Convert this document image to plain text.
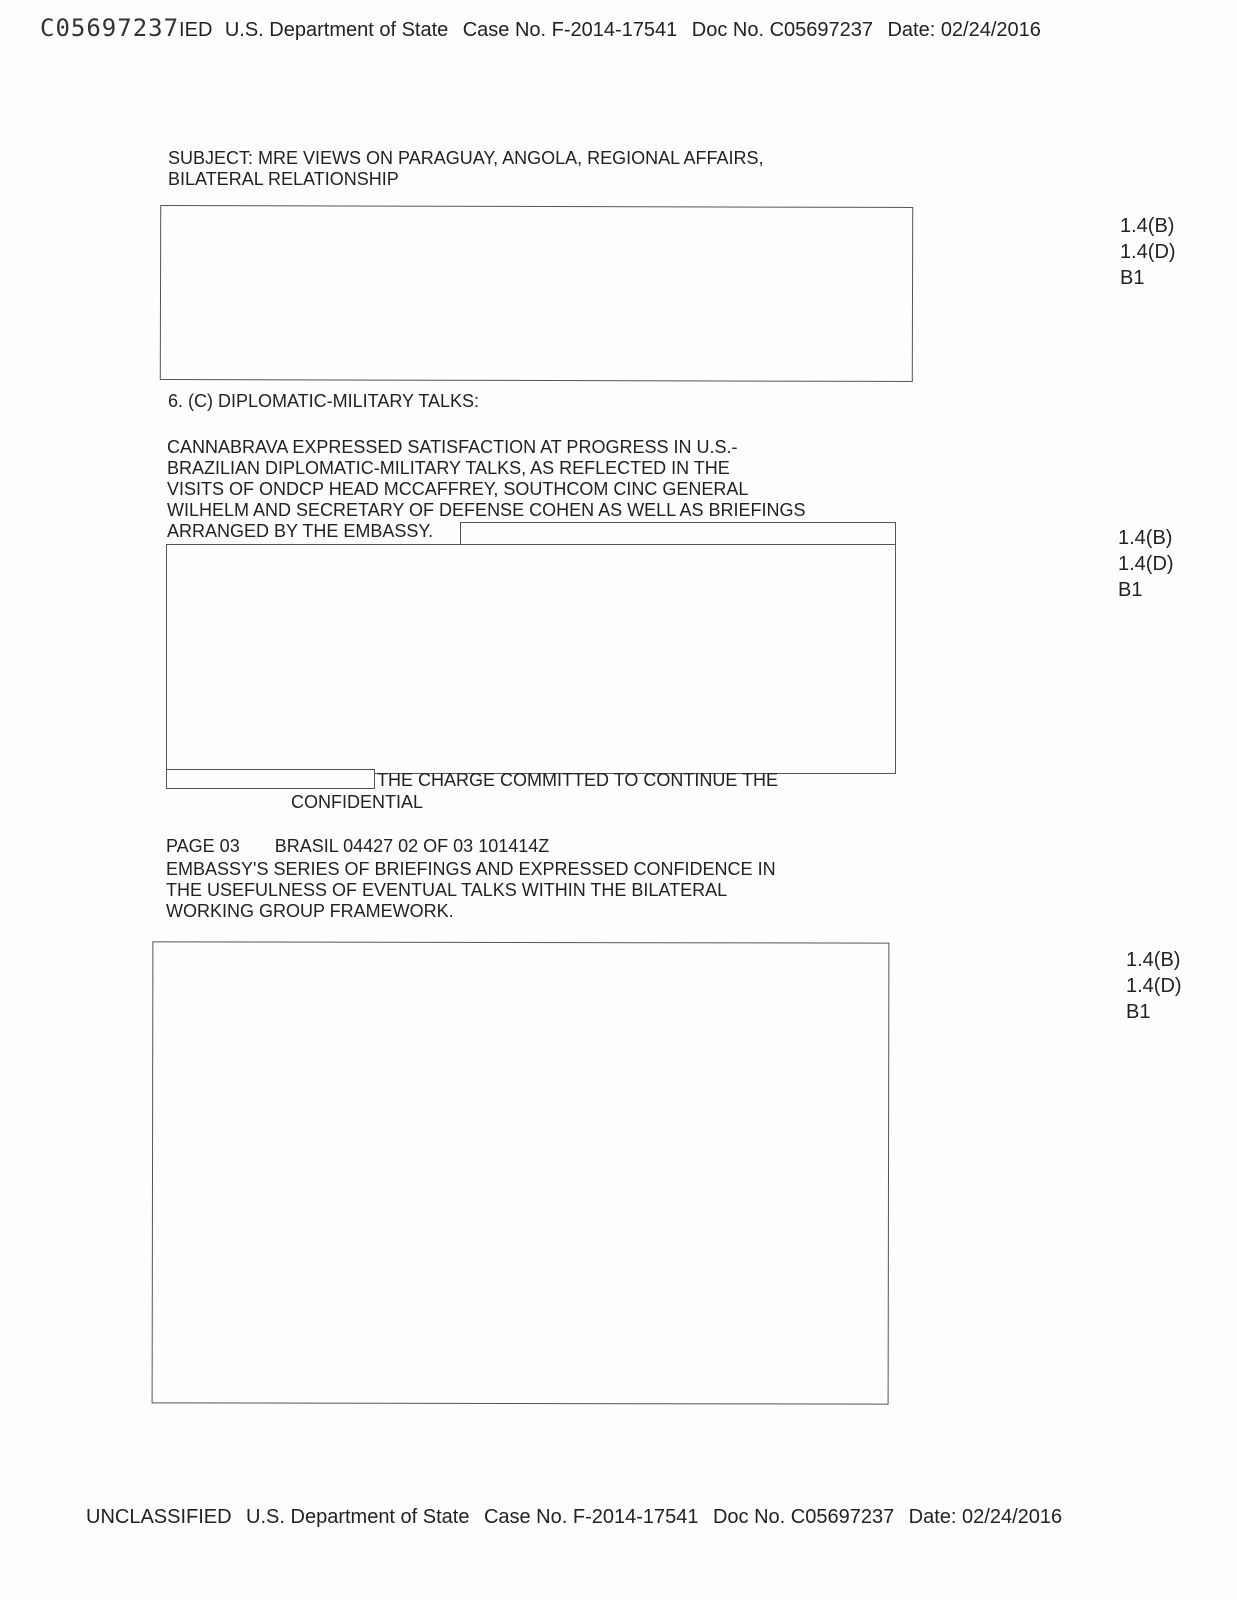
C05697237IED U.S. Department of State Case No. F-2014-17541 Doc No. C05697237 Date: 02/24/2016
SUBJECT: MRE VIEWS ON PARAGUAY, ANGOLA, REGIONAL AFFAIRS,
BILATERAL RELATIONSHIP
1.4(B)
1.4(D)
B1
6. (C) DIPLOMATIC-MILITARY TALKS:
CANNABRAVA EXPRESSED SATISFACTION AT PROGRESS IN U.S.-
BRAZILIAN DIPLOMATIC-MILITARY TALKS, AS REFLECTED IN THE
VISITS OF ONDCP HEAD MCCAFFREY, SOUTHCOM CINC GENERAL
WILHELM AND SECRETARY OF DEFENSE COHEN AS WELL AS BRIEFINGS
ARRANGED BY THE EMBASSY.	1.4(B)
1.4(D)
B1
THE CHARGE COMMITTED TO CONTINUE THE
CONFIDENTIAL
PAGE 03 BRASIL 04427 02 OF 03 101414Z
EMBASSY'S SERIES OF BRIEFINGS AND EXPRESSED CONFIDENCE IN
THE USEFULNESS OF EVENTUAL TALKS WITHIN THE BILATERAL
WORKING GROUP FRAMEWORK.
1.4(B)
1.4(D)
B1
UNCLASSIFIED U.S. Department of State Case No. F-2014-17541 Doc No. C05697237 Date: 02/24/2016
